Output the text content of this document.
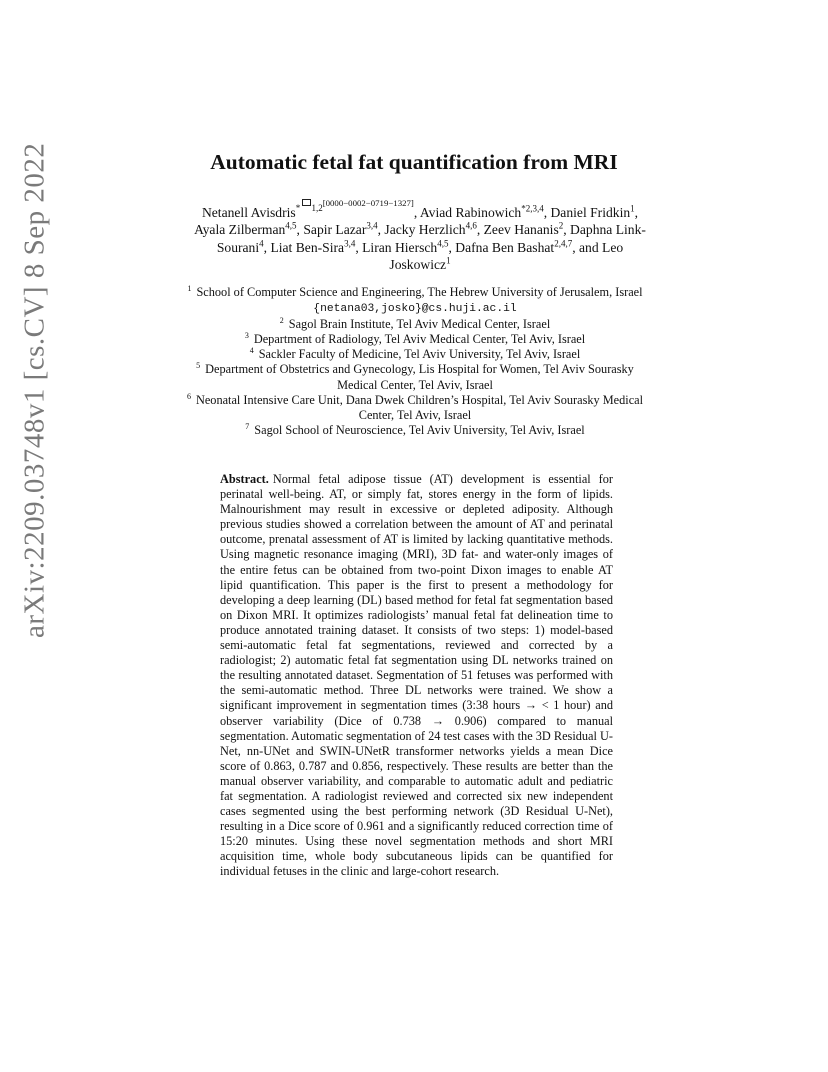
arXiv:2209.03748v1 [cs.CV] 8 Sep 2022	Automatic fetal fat quantification from MRI
Netanell Avisdris$^{* 1,2[0000-0002-0719-1327]}$, Aviad Rabinowich$^{*2,3,4}$, Daniel Fridkin$^1$, Ayala Zilberman$^{4,5}$, Sapir Lazar$^{3,4}$, Jacky Herzlich$^{4,6}$, Zeev Hananis$^2$, Daphna Link-Sourani$^4$, Liat Ben-Sira$^{3,4}$, Liran Hiersch$^{4,5}$, Dafna Ben Bashat$^{2,4,7}$, and Leo Joskowicz$^1$
$^1$ School of Computer Science and Engineering, The Hebrew University of Jerusalem, Israel {netana03,josko}@cs.huji.ac.il
$^2$ Sagol Brain Institute, Tel Aviv Medical Center, Israel
$^3$ Department of Radiology, Tel Aviv Medical Center, Tel Aviv, Israel
$^4$ Sackler Faculty of Medicine, Tel Aviv University, Tel Aviv, Israel
$^5$ Department of Obstetrics and Gynecology, Lis Hospital for Women, Tel Aviv Sourasky Medical Center, Tel Aviv, Israel
$^6$ Neonatal Intensive Care Unit, Dana Dwek Children’s Hospital, Tel Aviv Sourasky Medical Center, Tel Aviv, Israel
$^7$ Sagol School of Neuroscience, Tel Aviv University, Tel Aviv, Israel

Abstract. Normal fetal adipose tissue (AT) development is essential for perinatal well-being. AT, or simply fat, stores energy in the form of lipids. Malnourishment may result in excessive or depleted adiposity. Although previous studies showed a correlation between the amount of AT and perinatal outcome, prenatal assessment of AT is limited by lacking quantitative methods. Using magnetic resonance imaging (MRI), 3D fat- and water-only images of the entire fetus can be obtained from two-point Dixon images to enable AT lipid quantification. This paper is the first to present a methodology for developing a deep learning (DL) based method for fetal fat segmentation based on Dixon MRI. It optimizes radiologists’ manual fetal fat delineation time to produce annotated training dataset. It consists of two steps: 1) model-based semi-automatic fetal fat segmentations, reviewed and corrected by a radiologist; 2) automatic fetal fat segmentation using DL networks trained on the resulting annotated dataset. Segmentation of 51 fetuses was performed with the semi-automatic method. Three DL networks were trained. We show a significant improvement in segmentation times (3:38 hours → < 1 hour) and observer variability (Dice of 0.738 → 0.906) compared to manual segmentation. Automatic segmentation of 24 test cases with the 3D Residual U-Net, nn-UNet and SWIN-UNetR transformer networks yields a mean Dice score of 0.863, 0.787 and 0.856, respectively. These results are better than the manual observer variability, and comparable to automatic adult and pediatric fat segmentation. A radiologist reviewed and corrected six new independent cases segmented using the best performing network (3D Residual U-Net), resulting in a Dice score of 0.961 and a significantly reduced correction time of 15:20 minutes. Using these novel segmentation methods and short MRI acquisition time, whole body subcutaneous lipids can be quantified for individual fetuses in the clinic and large-cohort research.
